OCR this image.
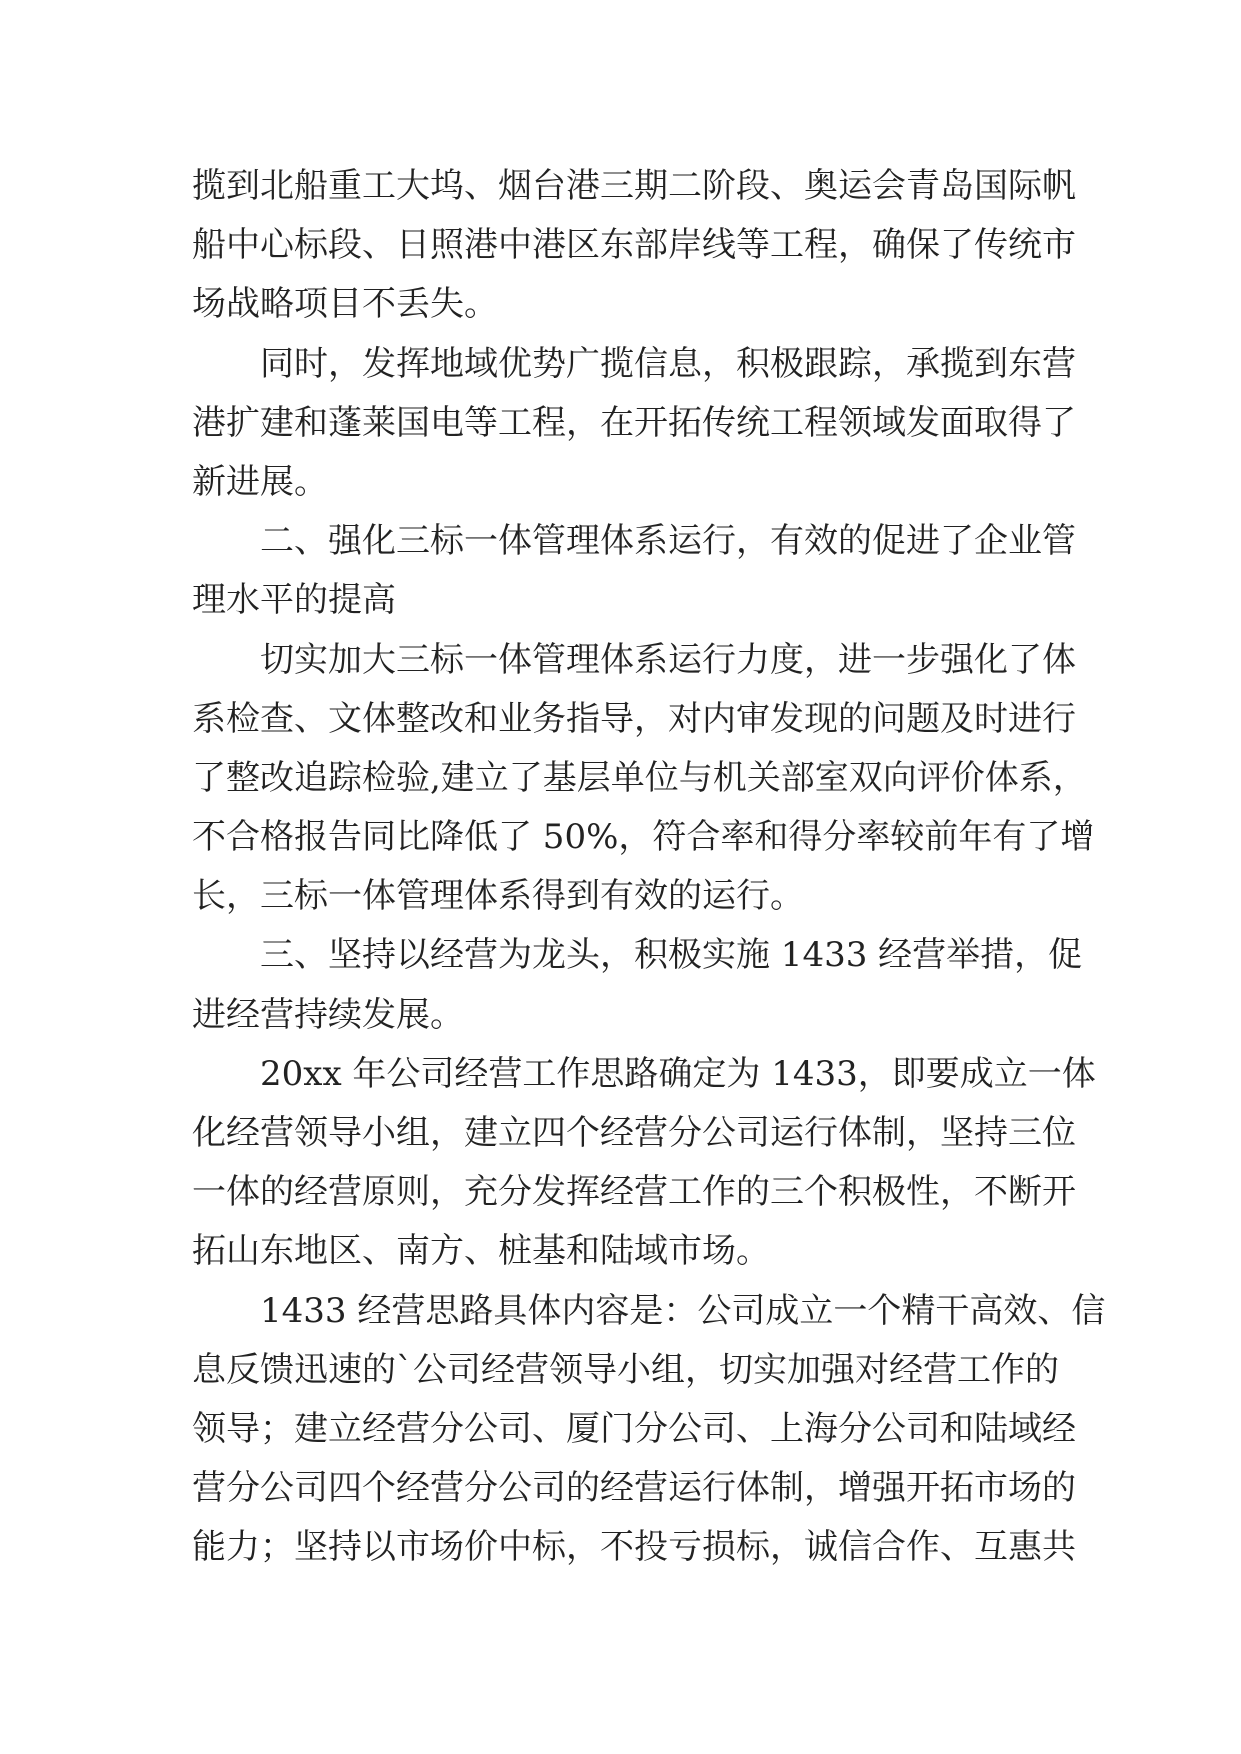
揽到北船重工大坞、烟台港三期二阶段、奥运会青岛国际帆
船中心标段、日照港中港区东部岸线等工程，确保了传统市
场战略项目不丢失。
　　同时，发挥地域优势广揽信息，积极跟踪，承揽到东营
港扩建和蓬莱国电等工程，在开拓传统工程领域发面取得了
新进展。
　　二、强化三标一体管理体系运行，有效的促进了企业管
理水平的提高
　　切实加大三标一体管理体系运行力度，进一步强化了体
系检查、文体整改和业务指导，对内审发现的问题及时进行
了整改追踪检验,建立了基层单位与机关部室双向评价体系，
不合格报告同比降低了 50%，符合率和得分率较前年有了增
长，三标一体管理体系得到有效的运行。
　　三、坚持以经营为龙头，积极实施 1433 经营举措，促
进经营持续发展。
　　20xx 年公司经营工作思路确定为 1433，即要成立一体
化经营领导小组，建立四个经营分公司运行体制，坚持三位
一体的经营原则，充分发挥经营工作的三个积极性，不断开
拓山东地区、南方、桩基和陆域市场。
　　1433 经营思路具体内容是：公司成立一个精干高效、信
息反馈迅速的`公司经营领导小组，切实加强对经营工作的
领导；建立经营分公司、厦门分公司、上海分公司和陆域经
营分公司四个经营分公司的经营运行体制，增强开拓市场的
能力；坚持以市场价中标，不投亏损标，诚信合作、互惠共
